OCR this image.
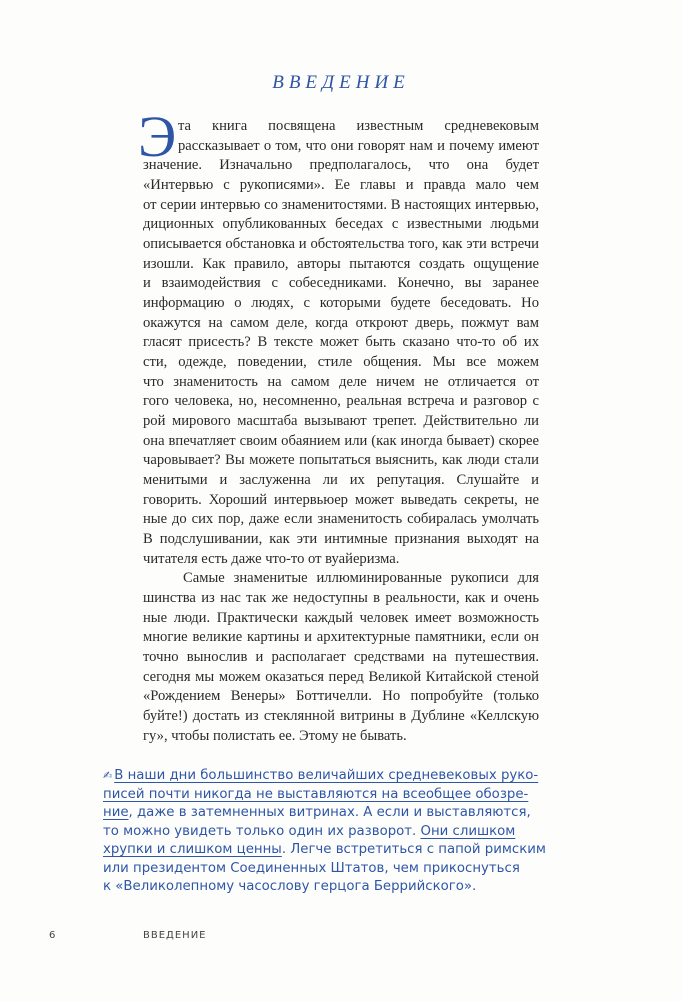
ВВЕДЕНИЕ
Э та книга посвящена известным средневековым
рассказывает о том, что они говорят нам и почему имеют
значение. Изначально предполагалось, что она будет
«Интервью с рукописями». Ее главы и правда мало чем
от серии интервью со знаменитостями. В настоящих интервью,
диционных опубликованных беседах с известными людьми
описывается обстановка и обстоятельства того, как эти встречи
изошли. Как правило, авторы пытаются создать ощущение
и взаимодействия с собеседниками. Конечно, вы заранее
информацию о людях, с которыми будете беседовать. Но
окажутся на самом деле, когда откроют дверь, пожмут вам
гласят присесть? В тексте может быть сказано что-то об их
сти, одежде, поведении, стиле общения. Мы все можем
что знаменитость на самом деле ничем не отличается от
гого человека, но, несомненно, реальная встреча и разговор с
рой мирового масштаба вызывают трепет. Действительно ли
она впечатляет своим обаянием или (как иногда бывает) скорее
чаровывает? Вы можете попытаться выяснить, как люди стали
менитыми и заслуженна ли их репутация. Слушайте и
говорить. Хороший интервьюер может выведать секреты, не
ные до сих пор, даже если знаменитость собиралась умолчать
В подслушивании, как эти интимные признания выходят на
читателя есть даже что-то от вуайеризма.
Самые знаменитые иллюминированные рукописи для
шинства из нас так же недоступны в реальности, как и очень
ные люди. Практически каждый человек имеет возможность
многие великие картины и архитектурные памятники, если он
точно вынослив и располагает средствами на путешествия.
сегодня мы можем оказаться перед Великой Китайской стеной
«Рождением Венеры» Боттичелли. Но попробуйте (только
буйте!) достать из стеклянной витрины в Дублине «Келлскую
гу», чтобы полистать ее. Этому не бывать.
✍ В наши дни большинство величайших средневековых руко-
писей почти никогда не выставляются на всеобщее обозре-
ние, даже в затемненных витринах. А если и выставляются,
то можно увидеть только один их разворот. Они слишком
хрупки и слишком ценны. Легче встретиться с папой римским
или президентом Соединенных Штатов, чем прикоснуться
к «Великолепному часослову герцога Беррийского».
6	ВВЕДЕНИЕ
